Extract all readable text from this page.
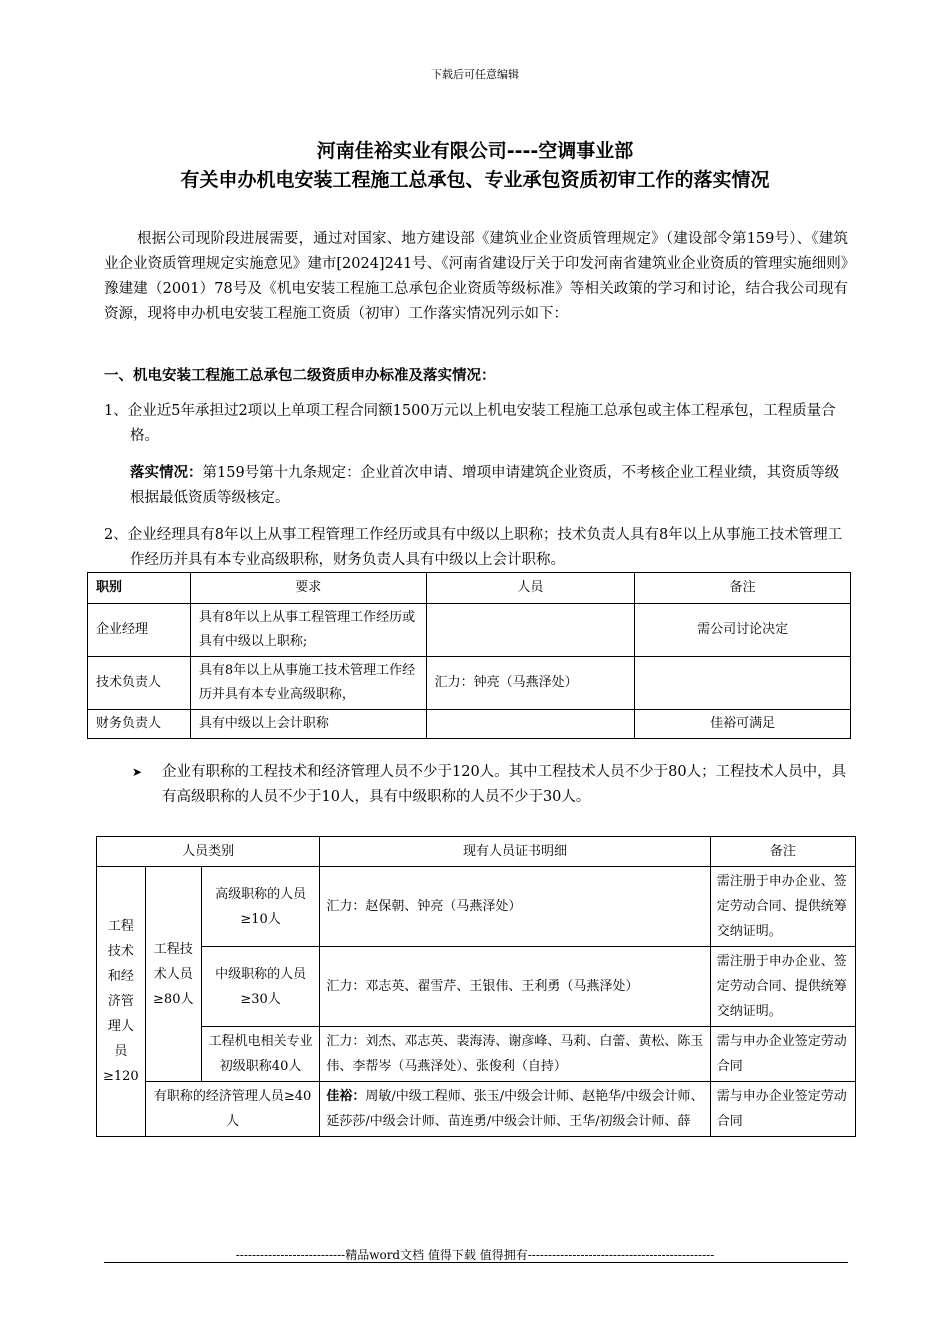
下载后可任意编辑
河南佳裕实业有限公司----空调事业部
有关申办机电安装工程施工总承包、专业承包资质初审工作的落实情况
根据公司现阶段进展需要，通过对国家、地方建设部《建筑业企业资质管理规定》（建设部令第159号）、《建筑业企业资质管理规定实施意见》建市[2024]241号、《河南省建设厅关于印发河南省建筑业企业资质的管理实施细则》豫建建（2001）78号及《机电安装工程施工总承包企业资质等级标准》等相关政策的学习和讨论，结合我公司现有资源，现将申办机电安装工程施工资质（初审）工作落实情况列示如下：
一、机电安装工程施工总承包二级资质申办标准及落实情况：
1、企业近5年承担过2项以上单项工程合同额1500万元以上机电安装工程施工总承包或主体工程承包，工程质量合格。
落实情况：第159号第十九条规定：企业首次申请、增项申请建筑企业资质，不考核企业工程业绩，其资质等级根据最低资质等级核定。
2、企业经理具有8年以上从事工程管理工作经历或具有中级以上职称；技术负责人具有8年以上从事施工技术管理工作经历并具有本专业高级职称，财务负责人具有中级以上会计职称。
职别	要求	人员	备注
企业经理	具有8年以上从事工程管理工作经历或具有中级以上职称;		需公司讨论决定
技术负责人	具有8年以上从事施工技术管理工作经历并具有本专业高级职称，	汇力：钟亮（马燕泽处）	
财务负责人	具有中级以上会计职称		佳裕可满足
➤ 企业有职称的工程技术和经济管理人员不少于120人。其中工程技术人员不少于80人；工程技术人员中，具有高级职称的人员不少于10人，具有中级职称的人员不少于30人。
人员类别			现有人员证书明细	备注
工程技术和经济管理人员≥120	工程技术人员≥80人	高级职称的人员≥10人	汇力：赵保朝、钟亮（马燕泽处）	需注册于申办企业、签定劳动合同、提供统筹交纳证明。
		中级职称的人员≥30人	汇力：邓志英、翟雪芹、王银伟、王利勇（马燕泽处）	需注册于申办企业、签定劳动合同、提供统筹交纳证明。
		工程机电相关专业初级职称40人	汇力：刘杰、邓志英、裴海涛、谢彦峰、马莉、白蕾、黄松、陈玉伟、李帮岑（马燕泽处）、张俊利（自持）	需与申办企业签定劳动合同
	有职称的经济管理人员≥40人		佳裕：周敏/中级工程师、张玉/中级会计师、赵艳华/中级会计师、延莎莎/中级会计师、苗连勇/中级会计师、王华/初级会计师、薛	需与申办企业签定劳动合同
---------------------------精品word文档 值得下载 值得拥有----------------------------------------------
